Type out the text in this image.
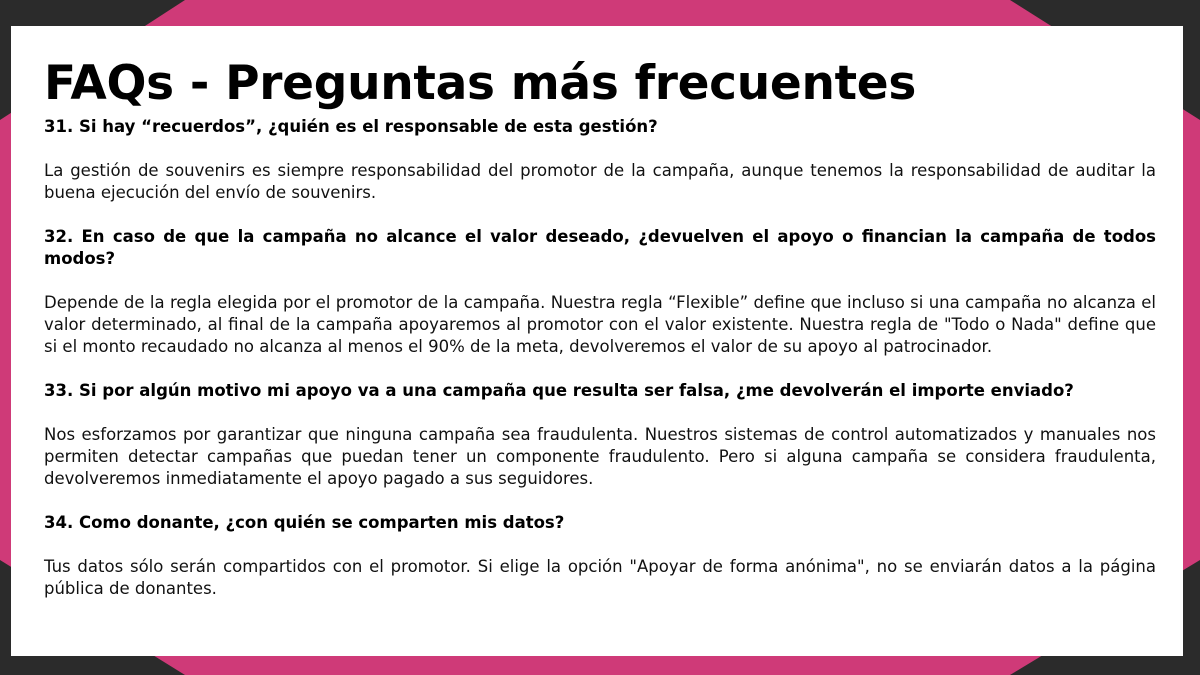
FAQs - Preguntas más frecuentes

31. Si hay “recuerdos”, ¿quién es el responsable de esta gestión?

La gestión de souvenirs es siempre responsabilidad del promotor de la campaña, aunque tenemos la responsabilidad de auditar la buena ejecución del envío de souvenirs.

32. En caso de que la campaña no alcance el valor deseado, ¿devuelven el apoyo o financian la campaña de todos modos?

Depende de la regla elegida por el promotor de la campaña. Nuestra regla “Flexible” define que incluso si una campaña no alcanza el valor determinado, al final de la campaña apoyaremos al promotor con el valor existente. Nuestra regla de "Todo o Nada" define que si el monto recaudado no alcanza al menos el 90% de la meta, devolveremos el valor de su apoyo al patrocinador.

33. Si por algún motivo mi apoyo va a una campaña que resulta ser falsa, ¿me devolverán el importe enviado?

Nos esforzamos por garantizar que ninguna campaña sea fraudulenta. Nuestros sistemas de control automatizados y manuales nos permiten detectar campañas que puedan tener un componente fraudulento. Pero si alguna campaña se considera fraudulenta, devolveremos inmediatamente el apoyo pagado a sus seguidores.

34. Como donante, ¿con quién se comparten mis datos?

Tus datos sólo serán compartidos con el promotor. Si elige la opción "Apoyar de forma anónima", no se enviarán datos a la página pública de donantes.
